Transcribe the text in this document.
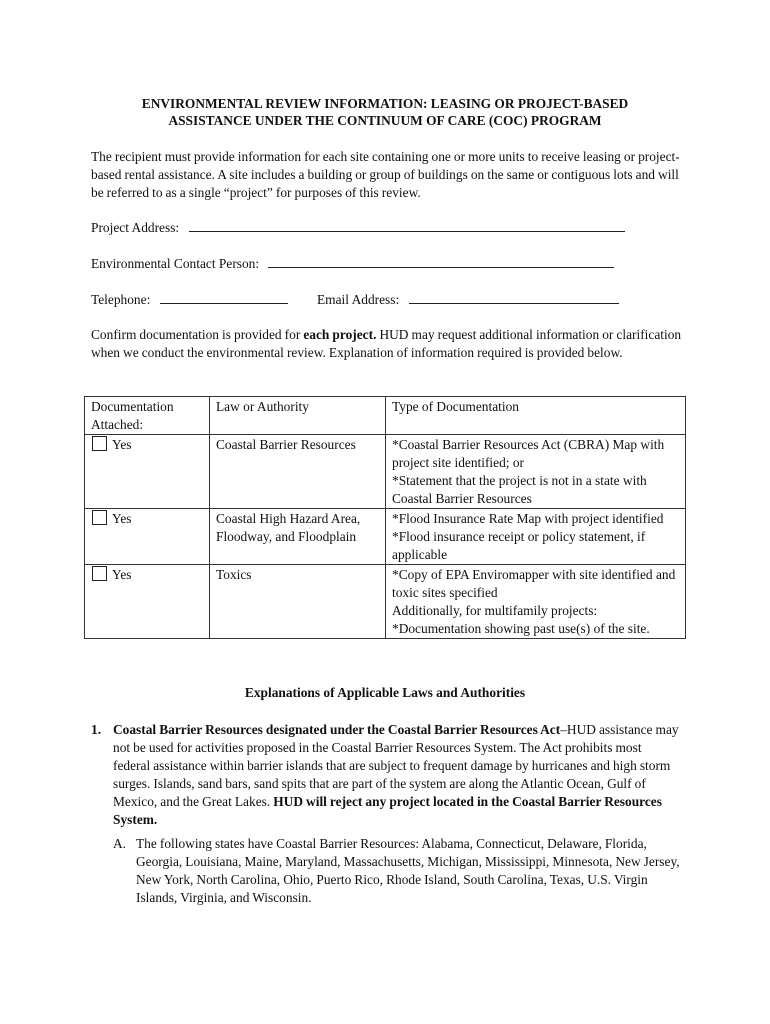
ENVIRONMENTAL REVIEW INFORMATION: LEASING OR PROJECT-BASED
ASSISTANCE UNDER THE CONTINUUM OF CARE (COC) PROGRAM
The recipient must provide information for each site containing one or more units to receive leasing or project-based rental assistance. A site includes a building or group of buildings on the same or contiguous lots and will be referred to as a single “project” for purposes of this review.
Project Address:
Environmental Contact Person:
Telephone:	Email Address:
Confirm documentation is provided for each project. HUD may request additional information or clarification when we conduct the environmental review. Explanation of information required is provided below.
Documentation Attached:	Law or Authority	Type of Documentation
Yes	Coastal Barrier Resources	*Coastal Barrier Resources Act (CBRA) Map with project site identified; or
*Statement that the project is not in a state with Coastal Barrier Resources
Yes	Coastal High Hazard Area, Floodway, and Floodplain	*Flood Insurance Rate Map with project identified
*Flood insurance receipt or policy statement, if applicable
Yes	Toxics	*Copy of EPA Enviromapper with site identified and toxic sites specified
Additionally, for multifamily projects:
*Documentation showing past use(s) of the site.
Explanations of Applicable Laws and Authorities
1. Coastal Barrier Resources designated under the Coastal Barrier Resources Act–HUD assistance may not be used for activities proposed in the Coastal Barrier Resources System. The Act prohibits most federal assistance within barrier islands that are subject to frequent damage by hurricanes and high storm surges. Islands, sand bars, sand spits that are part of the system are along the Atlantic Ocean, Gulf of Mexico, and the Great Lakes. HUD will reject any project located in the Coastal Barrier Resources System.
A. The following states have Coastal Barrier Resources: Alabama, Connecticut, Delaware, Florida, Georgia, Louisiana, Maine, Maryland, Massachusetts, Michigan, Mississippi, Minnesota, New Jersey, New York, North Carolina, Ohio, Puerto Rico, Rhode Island, South Carolina, Texas, U.S. Virgin Islands, Virginia, and Wisconsin.
